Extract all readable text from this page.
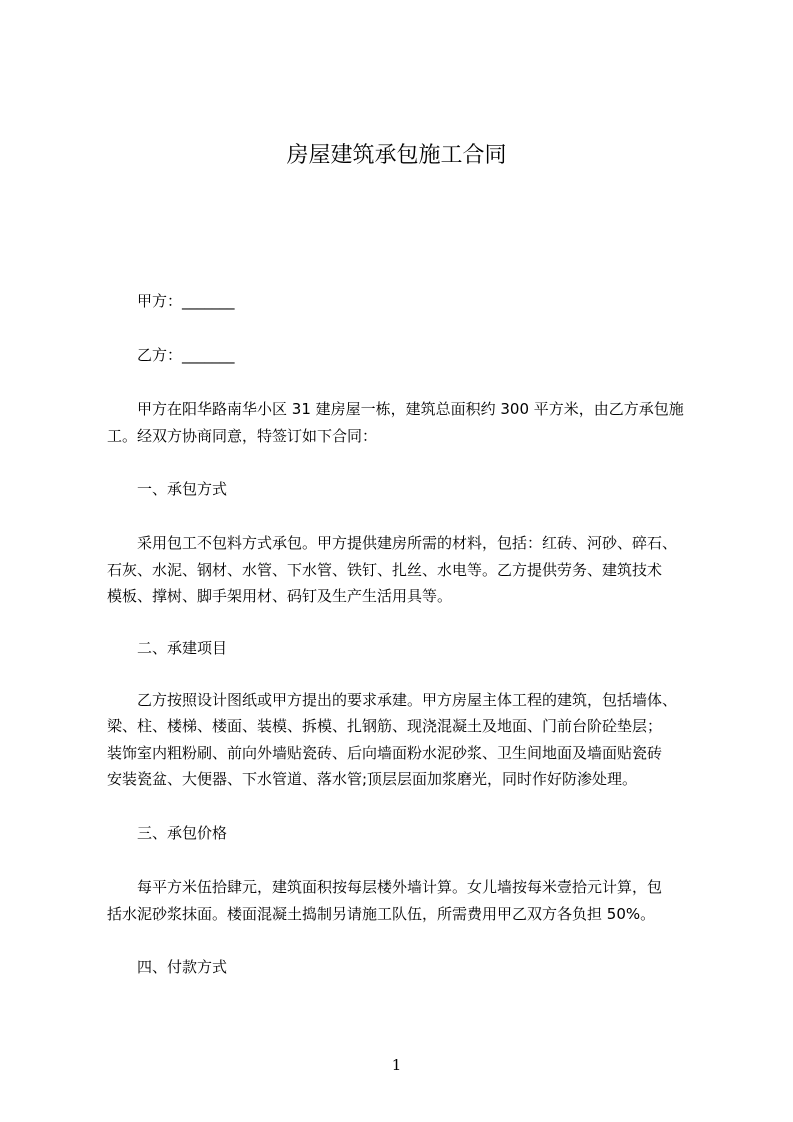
房屋建筑承包施工合同
甲方：_______
乙方：_______
甲方在阳华路南华小区 31 建房屋一栋，建筑总面积约 300 平方米，由乙方承包施
工。经双方协商同意，特签订如下合同：
一、承包方式
采用包工不包料方式承包。甲方提供建房所需的材料，包括：红砖、河砂、碎石、
石灰、水泥、钢材、水管、下水管、铁钉、扎丝、水电等。乙方提供劳务、建筑技术
模板、撑树、脚手架用材、码钉及生产生活用具等。
二、承建项目
乙方按照设计图纸或甲方提出的要求承建。甲方房屋主体工程的建筑，包括墙体、
梁、柱、楼梯、楼面、装模、拆模、扎钢筋、现浇混凝土及地面、门前台阶砼垫层；
装饰室内粗粉刷、前向外墙贴瓷砖、后向墙面粉水泥砂浆、卫生间地面及墙面贴瓷砖
安装瓷盆、大便器、下水管道、落水管;顶层层面加浆磨光，同时作好防渗处理。
三、承包价格
每平方米伍拾肆元，建筑面积按每层楼外墙计算。女儿墙按每米壹拾元计算，包
括水泥砂浆抹面。楼面混凝土捣制另请施工队伍，所需费用甲乙双方各负担 50%。
四、付款方式
1
